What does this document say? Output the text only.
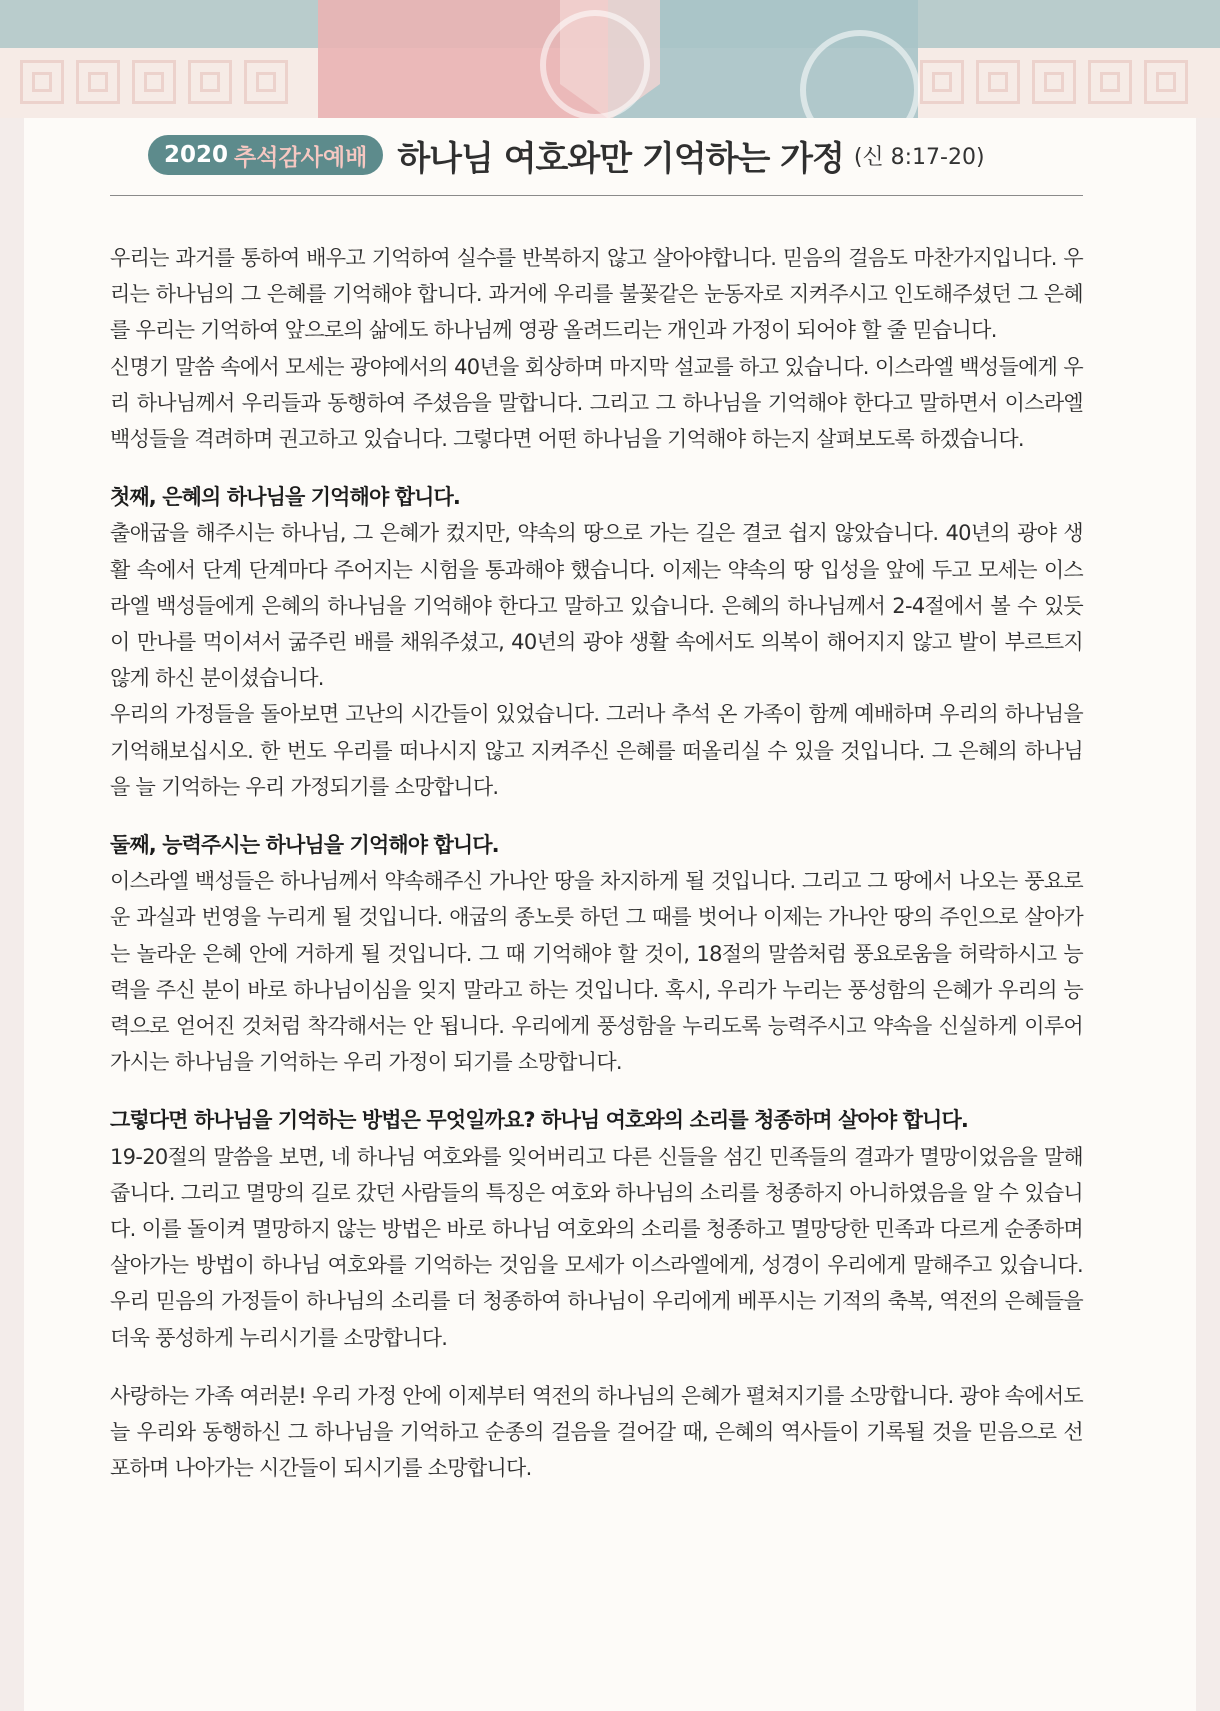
2020 추석감사예배 하나님 여호와만 기억하는 가정 (신 8:17-20)

우리는 과거를 통하여 배우고 기억하여 실수를 반복하지 않고 살아야합니다. 믿음의 걸음도 마찬가지입니다. 우리는 하나님의 그 은혜를 기억해야 합니다. 과거에 우리를 불꽃같은 눈동자로 지켜주시고 인도해주셨던 그 은혜를 우리는 기억하여 앞으로의 삶에도 하나님께 영광 올려드리는 개인과 가정이 되어야 할 줄 믿습니다.

신명기 말씀 속에서 모세는 광야에서의 40년을 회상하며 마지막 설교를 하고 있습니다. 이스라엘 백성들에게 우리 하나님께서 우리들과 동행하여 주셨음을 말합니다. 그리고 그 하나님을 기억해야 한다고 말하면서 이스라엘 백성들을 격려하며 권고하고 있습니다. 그렇다면 어떤 하나님을 기억해야 하는지 살펴보도록 하겠습니다.

첫째, 은혜의 하나님을 기억해야 합니다.

출애굽을 해주시는 하나님, 그 은혜가 컸지만, 약속의 땅으로 가는 길은 결코 쉽지 않았습니다. 40년의 광야 생활 속에서 단계 단계마다 주어지는 시험을 통과해야 했습니다. 이제는 약속의 땅 입성을 앞에 두고 모세는 이스라엘 백성들에게 은혜의 하나님을 기억해야 한다고 말하고 있습니다. 은혜의 하나님께서 2-4절에서 볼 수 있듯이 만나를 먹이셔서 굶주린 배를 채워주셨고, 40년의 광야 생활 속에서도 의복이 해어지지 않고 발이 부르트지 않게 하신 분이셨습니다.

우리의 가정들을 돌아보면 고난의 시간들이 있었습니다. 그러나 추석 온 가족이 함께 예배하며 우리의 하나님을 기억해보십시오. 한 번도 우리를 떠나시지 않고 지켜주신 은혜를 떠올리실 수 있을 것입니다. 그 은혜의 하나님을 늘 기억하는 우리 가정되기를 소망합니다.

둘째, 능력주시는 하나님을 기억해야 합니다.

이스라엘 백성들은 하나님께서 약속해주신 가나안 땅을 차지하게 될 것입니다. 그리고 그 땅에서 나오는 풍요로운 과실과 번영을 누리게 될 것입니다. 애굽의 종노릇 하던 그 때를 벗어나 이제는 가나안 땅의 주인으로 살아가는 놀라운 은혜 안에 거하게 될 것입니다. 그 때 기억해야 할 것이, 18절의 말씀처럼 풍요로움을 허락하시고 능력을 주신 분이 바로 하나님이심을 잊지 말라고 하는 것입니다. 혹시, 우리가 누리는 풍성함의 은혜가 우리의 능력으로 얻어진 것처럼 착각해서는 안 됩니다. 우리에게 풍성함을 누리도록 능력주시고 약속을 신실하게 이루어가시는 하나님을 기억하는 우리 가정이 되기를 소망합니다.

그렇다면 하나님을 기억하는 방법은 무엇일까요? 하나님 여호와의 소리를 청종하며 살아야 합니다.

19-20절의 말씀을 보면, 네 하나님 여호와를 잊어버리고 다른 신들을 섬긴 민족들의 결과가 멸망이었음을 말해줍니다. 그리고 멸망의 길로 갔던 사람들의 특징은 여호와 하나님의 소리를 청종하지 아니하였음을 알 수 있습니다. 이를 돌이켜 멸망하지 않는 방법은 바로 하나님 여호와의 소리를 청종하고 멸망당한 민족과 다르게 순종하며 살아가는 방법이 하나님 여호와를 기억하는 것임을 모세가 이스라엘에게, 성경이 우리에게 말해주고 있습니다. 우리 믿음의 가정들이 하나님의 소리를 더 청종하여 하나님이 우리에게 베푸시는 기적의 축복, 역전의 은혜들을 더욱 풍성하게 누리시기를 소망합니다.

사랑하는 가족 여러분! 우리 가정 안에 이제부터 역전의 하나님의 은혜가 펼쳐지기를 소망합니다. 광야 속에서도 늘 우리와 동행하신 그 하나님을 기억하고 순종의 걸음을 걸어갈 때, 은혜의 역사들이 기록될 것을 믿음으로 선포하며 나아가는 시간들이 되시기를 소망합니다.
